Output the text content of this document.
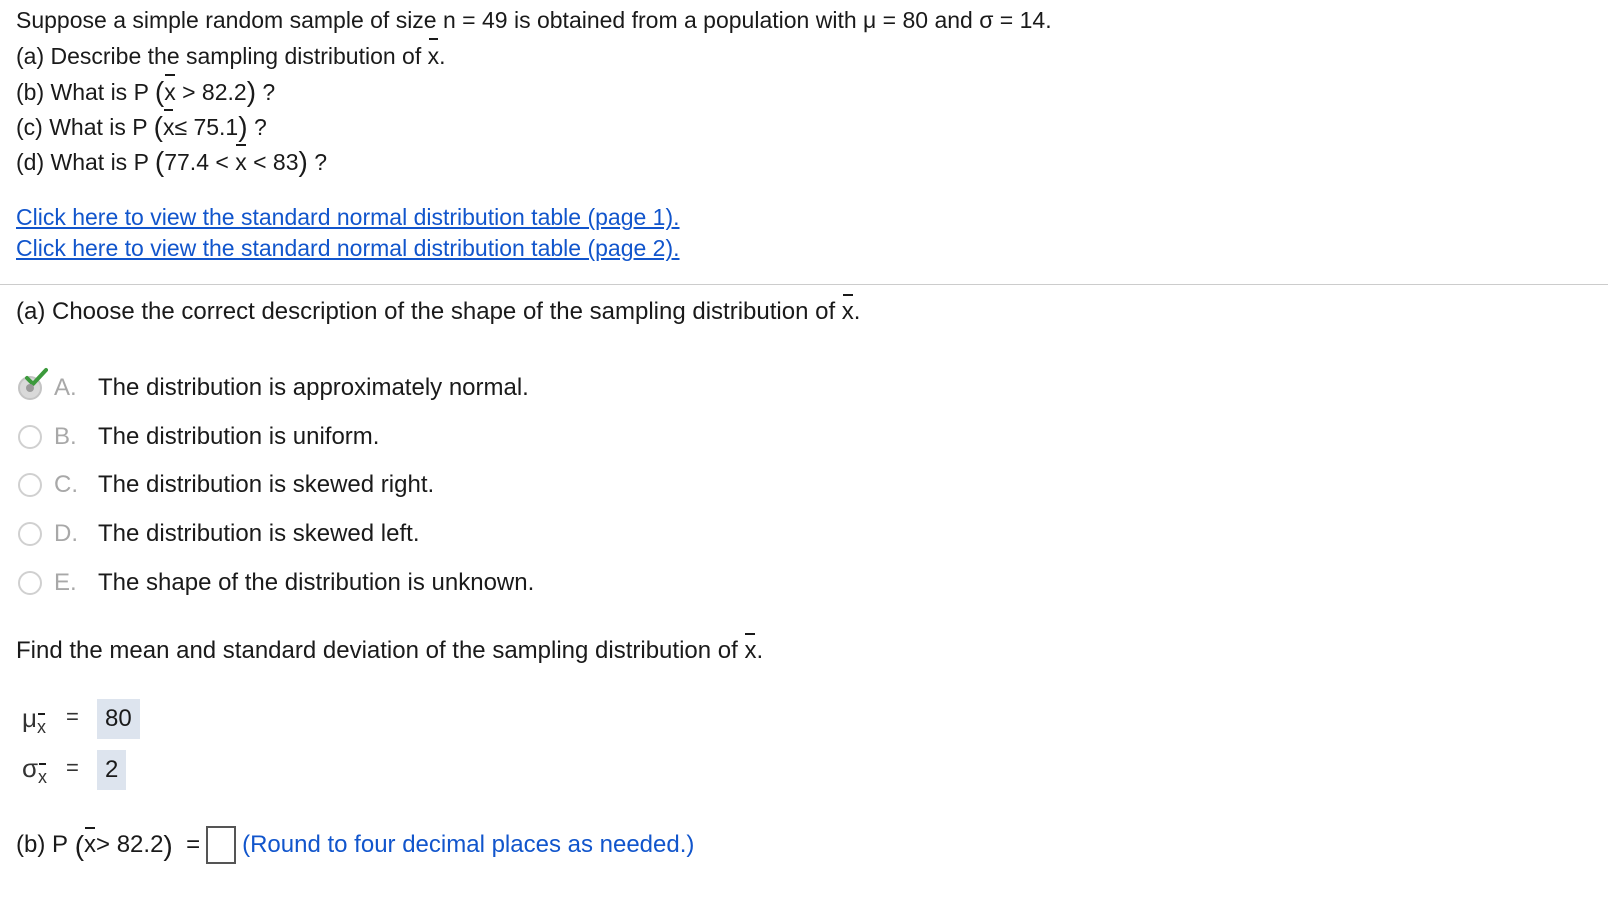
Suppose a simple random sample of size n = 49 is obtained from a population with μ = 80 and σ = 14.
(a) Describe the sampling distribution of x.
(b) What is P (x > 82.2) ?
(c) What is P (x≤ 75.1) ?
(d) What is P (77.4 < x < 83) ?
Click here to view the standard normal distribution table (page 1).
Click here to view the standard normal distribution table (page 2).
(a) Choose the correct description of the shape of the sampling distribution of x.
A. The distribution is approximately normal.
B. The distribution is uniform.
C. The distribution is skewed right.
D. The distribution is skewed left.
E. The shape of the distribution is unknown.
Find the mean and standard deviation of the sampling distribution of x.
μx =	80
σx =	2
(b) P
( x > 82.2 )
= (Round to four decimal places as needed.)
